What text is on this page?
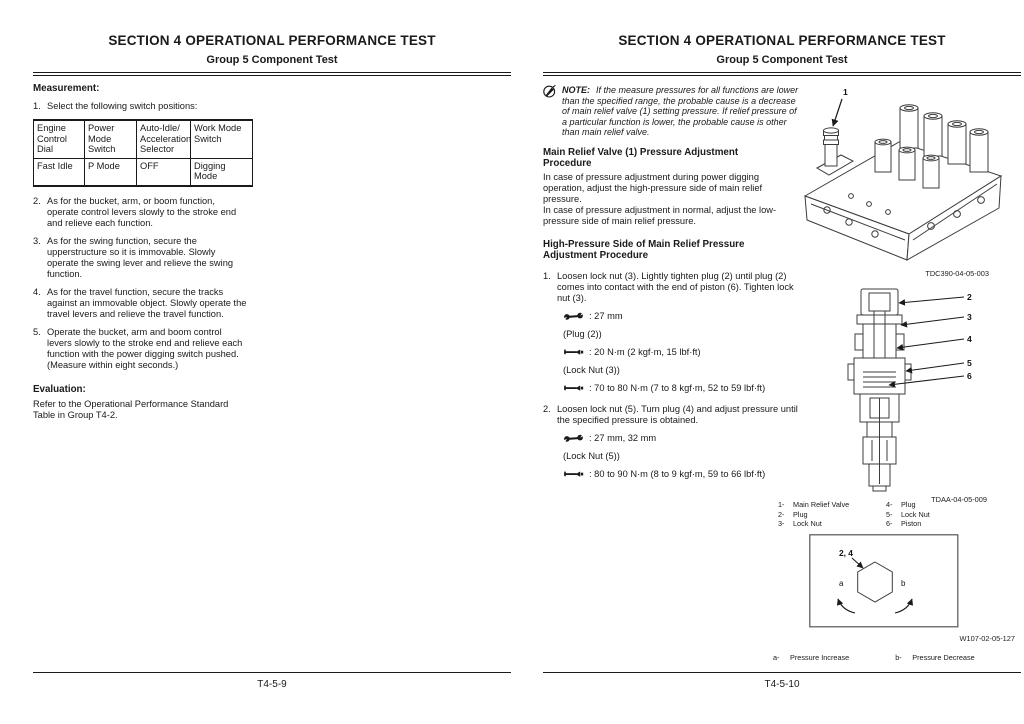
SECTION 4 OPERATIONAL PERFORMANCE TEST
Group 5 Component Test
Measurement:
1. Select the following switch positions:
Engine Control Dial	Power Mode Switch	Auto-Idle/ Acceleration Selector	Work Mode Switch
Fast Idle	P Mode	OFF	Digging Mode
2. As for the bucket, arm, or boom function, operate control levers slowly to the stroke end and relieve each function.
3. As for the swing function, secure the upperstructure so it is immovable. Slowly operate the swing lever and relieve the swing function.
4. As for the travel function, secure the tracks against an immovable object. Slowly operate the travel levers and relieve the travel function.
5. Operate the bucket, arm and boom control levers slowly to the stroke end and relieve each function with the power digging switch pushed. (Measure within eight seconds.)
Evaluation:
Refer to the Operational Performance Standard Table in Group T4-2.
T4-5-9
SECTION 4 OPERATIONAL PERFORMANCE TEST
Group 5 Component Test
NOTE: If the measure pressures for all functions are lower than the specified range, the probable cause is a decrease of main relief valve (1) setting pressure. If relief pressure of a particular function is lower, the probable cause is other than main relief valve.
Main Relief Valve (1) Pressure Adjustment Procedure
In case of pressure adjustment during power digging operation, adjust the high-pressure side of main relief pressure.
In case of pressure adjustment in normal, adjust the low-pressure side of main relief pressure.
High-Pressure Side of Main Relief Pressure Adjustment Procedure
1. Loosen lock nut (3). Lightly tighten plug (2) until plug (2) comes into contact with the end of piston (6). Tighten lock nut (3).
: 27 mm
(Plug (2))
: 20 N·m (2 kgf·m, 15 lbf·ft)
(Lock Nut (3))
: 70 to 80 N·m (7 to 8 kgf·m, 52 to 59 lbf·ft)
2. Loosen lock nut (5). Turn plug (4) and adjust pressure until the specified pressure is obtained.
: 27 mm, 32 mm
(Lock Nut (5))
: 80 to 90 N·m (8 to 9 kgf·m, 59 to 66 lbf·ft)
1
TDC390-04-05-003
2
3
4
5
6
TDAA-04-05-009
1- Main Relief Valve
2- Plug
3- Lock Nut
4- Plug
5- Lock Nut
6- Piston
2, 4
a	b
W107-02-05-127
a- Pressure Increase	b- Pressure Decrease
T4-5-10
